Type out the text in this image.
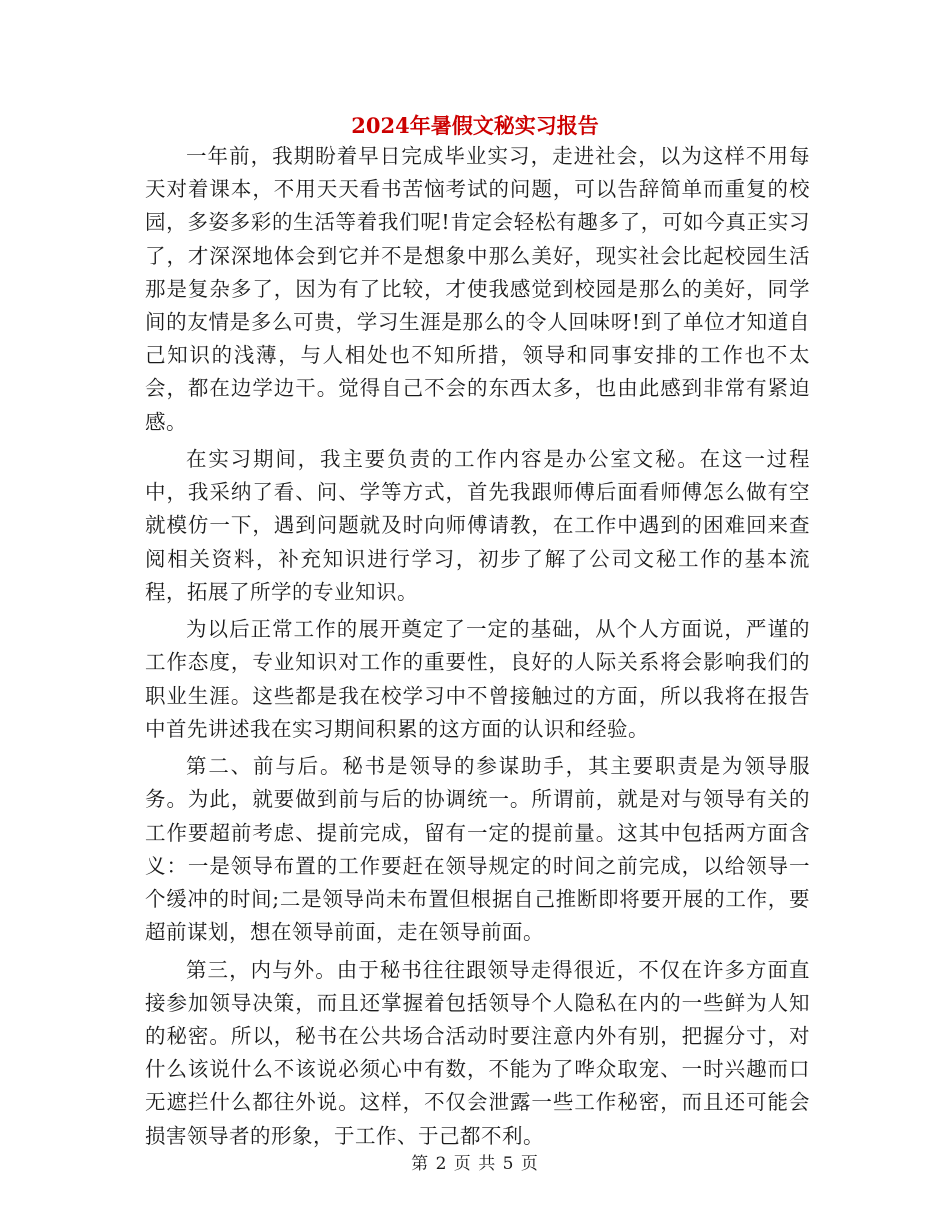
2024年暑假文秘实习报告

一年前，我期盼着早日完成毕业实习，走进社会，以为这样不用每天对着课本，不用天天看书苦恼考试的问题，可以告辞简单而重复的校园，多姿多彩的生活等着我们呢!肯定会轻松有趣多了，可如今真正实习了，才深深地体会到它并不是想象中那么美好，现实社会比起校园生活那是复杂多了，因为有了比较，才使我感觉到校园是那么的美好，同学间的友情是多么可贵，学习生涯是那么的令人回味呀!到了单位才知道自己知识的浅薄，与人相处也不知所措，领导和同事安排的工作也不太会，都在边学边干。觉得自己不会的东西太多，也由此感到非常有紧迫感。

在实习期间，我主要负责的工作内容是办公室文秘。在这一过程中，我采纳了看、问、学等方式，首先我跟师傅后面看师傅怎么做有空就模仿一下，遇到问题就及时向师傅请教，在工作中遇到的困难回来查阅相关资料，补充知识进行学习，初步了解了公司文秘工作的基本流程，拓展了所学的专业知识。

为以后正常工作的展开奠定了一定的基础，从个人方面说，严谨的工作态度，专业知识对工作的重要性，良好的人际关系将会影响我们的职业生涯。这些都是我在校学习中不曾接触过的方面，所以我将在报告中首先讲述我在实习期间积累的这方面的认识和经验。

第二、前与后。秘书是领导的参谋助手，其主要职责是为领导服务。为此，就要做到前与后的协调统一。所谓前，就是对与领导有关的工作要超前考虑、提前完成，留有一定的提前量。这其中包括两方面含义：一是领导布置的工作要赶在领导规定的时间之前完成，以给领导一个缓冲的时间;二是领导尚未布置但根据自己推断即将要开展的工作，要超前谋划，想在领导前面，走在领导前面。

第三，内与外。由于秘书往往跟领导走得很近，不仅在许多方面直接参加领导决策，而且还掌握着包括领导个人隐私在内的一些鲜为人知的秘密。所以，秘书在公共场合活动时要注意内外有别，把握分寸，对什么该说什么不该说必须心中有数，不能为了哗众取宠、一时兴趣而口无遮拦什么都往外说。这样，不仅会泄露一些工作秘密，而且还可能会损害领导者的形象，于工作、于己都不利。

第 2 页 共 5 页
